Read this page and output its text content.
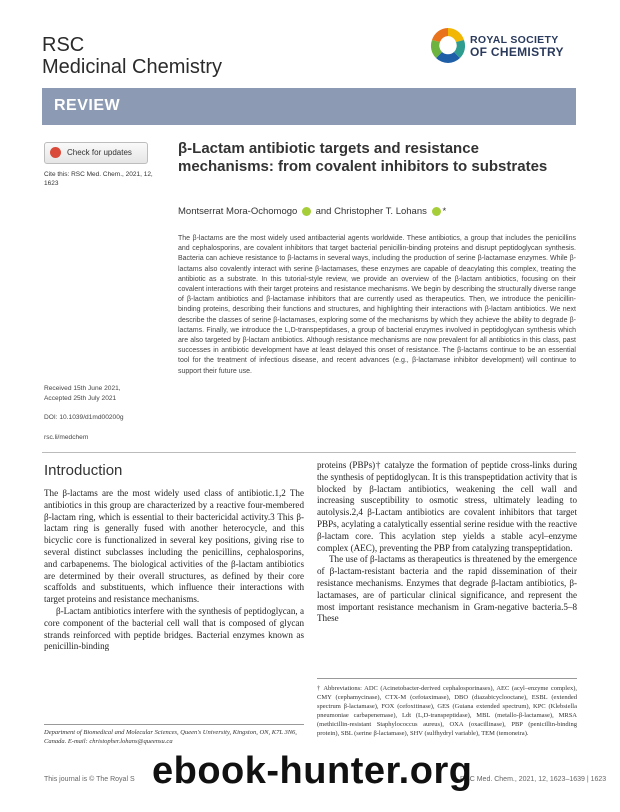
RSC
Medicinal Chemistry
ROYAL SOCIETY
OF CHEMISTRY
REVIEW
Check for updates
Cite this: RSC Med. Chem., 2021, 12, 1623
β-Lactam antibiotic targets and resistance mechanisms: from covalent inhibitors to substrates
Montserrat Mora-Ochomogo and Christopher T. Lohans *
The β-lactams are the most widely used antibacterial agents worldwide. These antibiotics, a group that includes the penicillins and cephalosporins, are covalent inhibitors that target bacterial penicillin-binding proteins and disrupt peptidoglycan synthesis. Bacteria can achieve resistance to β-lactams in several ways, including the production of serine β-lactamase enzymes. While β-lactams also covalently interact with serine β-lactamases, these enzymes are capable of deacylating this complex, treating the antibiotic as a substrate. In this tutorial-style review, we provide an overview of the β-lactam antibiotics, focusing on their covalent interactions with their target proteins and resistance mechanisms. We begin by describing the structurally diverse range of β-lactam antibiotics and β-lactamase inhibitors that are currently used as therapeutics. Then, we introduce the penicillin-binding proteins, describing their functions and structures, and highlighting their interactions with β-lactam antibiotics. We next describe the classes of serine β-lactamases, exploring some of the mechanisms by which they achieve the ability to degrade β-lactams. Finally, we introduce the L,D-transpeptidases, a group of bacterial enzymes involved in peptidoglycan synthesis which are also targeted by β-lactam antibiotics. Although resistance mechanisms are now prevalent for all antibiotics in this class, past successes in antibiotic development have at least delayed this onset of resistance. The β-lactams continue to be an essential tool for the treatment of infectious disease, and recent advances (e.g., β-lactamase inhibitor development) will continue to support their future use.
Received 15th June 2021,
Accepted 25th July 2021
DOI: 10.1039/d1md00200g
rsc.li/medchem
Introduction

The β-lactams are the most widely used class of antibiotic.1,2 The antibiotics in this group are characterized by a reactive four-membered β-lactam ring, which is essential to their bactericidal activity.3 This β-lactam ring is generally fused with another heterocycle, and this bicyclic core is functionalized in several key positions, giving rise to several distinct subclasses including the penicillins, cephalosporins, and carbapenems. The biological activities of the β-lactam antibiotics are determined by their overall structures, as defined by their core scaffolds and substituents, which influence their interactions with target proteins and resistance mechanisms.

β-Lactam antibiotics interfere with the synthesis of peptidoglycan, a core component of the bacterial cell wall that is composed of glycan strands reinforced with peptide bridges. Bacterial enzymes known as penicillin-binding

proteins (PBPs)† catalyze the formation of peptide cross-links during the synthesis of peptidoglycan. It is this transpeptidation activity that is blocked by β-lactam antibiotics, weakening the cell wall and increasing susceptibility to osmotic stress, ultimately leading to autolysis.2,4 β-Lactam antibiotics are covalent inhibitors that target PBPs, acylating a catalytically essential serine residue with the reactive β-lactam core. This acylation step yields a stable acyl–enzyme complex (AEC), preventing the PBP from catalyzing transpeptidation.

The use of β-lactams as therapeutics is threatened by the emergence of β-lactam-resistant bacteria and the rapid dissemination of their resistance mechanisms. Enzymes that degrade β-lactam antibiotics, β-lactamases, are of particular clinical significance, and represent the most important resistance mechanism in Gram-negative bacteria.5–8 These

† Abbreviations: ADC (Acinetobacter-derived cephalosporinases), AEC (acyl–enzyme complex), CMY (cephamycinase), CTX-M (cefotaximase), DBO (diazabicyclooctane), ESBL (extended spectrum β-lactamase), FOX (cefoxitinase), GES (Guiana extended spectrum), KPC (Klebsiella pneumoniae carbapenemase), Ldt (L,D-transpeptidase), MBL (metallo-β-lactamase), MRSA (methicillin-resistant Staphylococcus aureus), OXA (oxacillinase), PBP (penicillin-binding protein), SBL (serine β-lactamase), SHV (sulfhydryl variable), TEM (temoneira).
Department of Biomedical and Molecular Sciences, Queen's University, Kingston, ON, K7L 3N6, Canada. E-mail: christopher.lohans@queensu.ca
This journal is © The Royal S	RSC Med. Chem., 2021, 12, 1623–1639 | 1623
ebook-hunter.org
